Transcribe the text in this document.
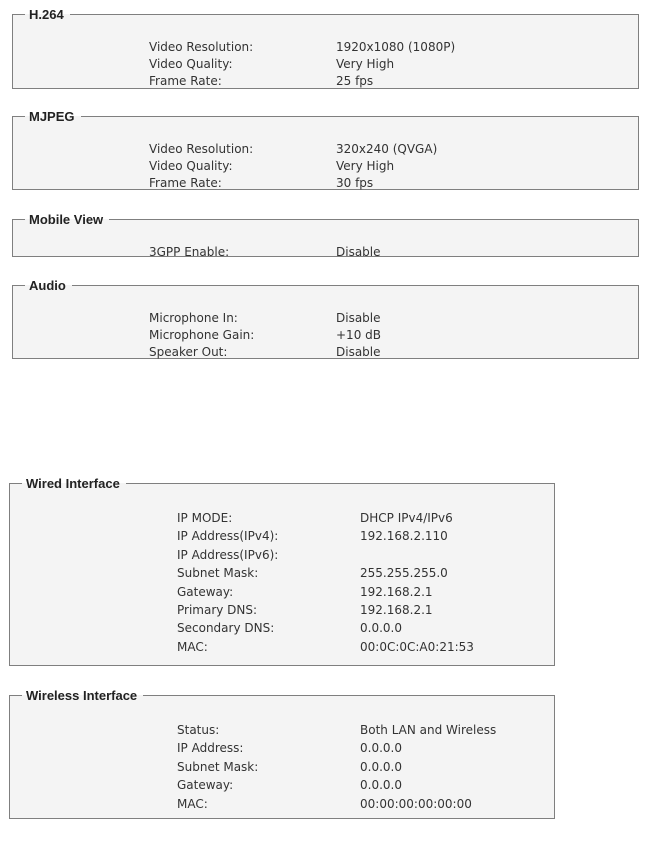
H.264
Video Resolution:	1920x1080 (1080P)
Video Quality:	Very High
Frame Rate:	25 fps
MJPEG
Video Resolution:	320x240 (QVGA)
Video Quality:	Very High
Frame Rate:	30 fps
Mobile View
3GPP Enable:	Disable
Audio
Microphone In:	Disable
Microphone Gain:	+10 dB
Speaker Out:	Disable
Wired Interface
IP MODE:	DHCP IPv4/IPv6
IP Address(IPv4):	192.168.2.110
IP Address(IPv6):
Subnet Mask:	255.255.255.0
Gateway:	192.168.2.1
Primary DNS:	192.168.2.1
Secondary DNS:	0.0.0.0
MAC:	00:0C:0C:A0:21:53
Wireless Interface
Status:	Both LAN and Wireless
IP Address:	0.0.0.0
Subnet Mask:	0.0.0.0
Gateway:	0.0.0.0
MAC:	00:00:00:00:00:00
